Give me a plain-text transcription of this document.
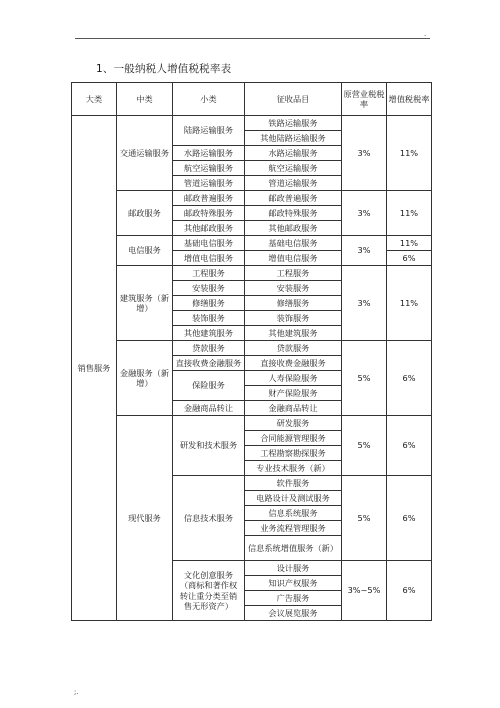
.
1、一般纳税人增值税税率表
大类	中类	小类	征收品目	原营业税税率	增值税税率
销售服务	交通运输服务	陆路运输服务	铁路运输服务	3%	11%
			其他陆路运输服务		
		水路运输服务	水路运输服务		
		航空运输服务	航空运输服务		
		管道运输服务	管道运输服务		
	邮政服务	邮政普遍服务	邮政普遍服务	3%	11%
		邮政特殊服务	邮政特殊服务		
		其他邮政服务	其他邮政服务		
	电信服务	基础电信服务	基础电信服务	3%	11%
		增值电信服务	增值电信服务		6%
	建筑服务（新增）	工程服务	工程服务	3%	11%
		安装服务	安装服务		
		修缮服务	修缮服务		
		装饰服务	装饰服务		
		其他建筑服务	其他建筑服务		
	金融服务（新增）	贷款服务	贷款服务	5%	6%
		直接收费金融服务	直接收费金融服务		
		保险服务	人寿保险服务		
			财产保险服务		
		金融商品转让	金融商品转让		
	现代服务	研发和技术服务	研发服务	5%	6%
			合同能源管理服务		
			工程勘察勘探服务		
			专业技术服务（新）		
		信息技术服务	软件服务	5%	6%
			电路设计及测试服务		
			信息系统服务		
			业务流程管理服务		
			信息系统增值服务（新）		
		文化创意服务（商标和著作权转让重分类至销售无形资产）	设计服务	3%~5%	6%
			知识产权服务		
			广告服务		
			会议展览服务		
;.
